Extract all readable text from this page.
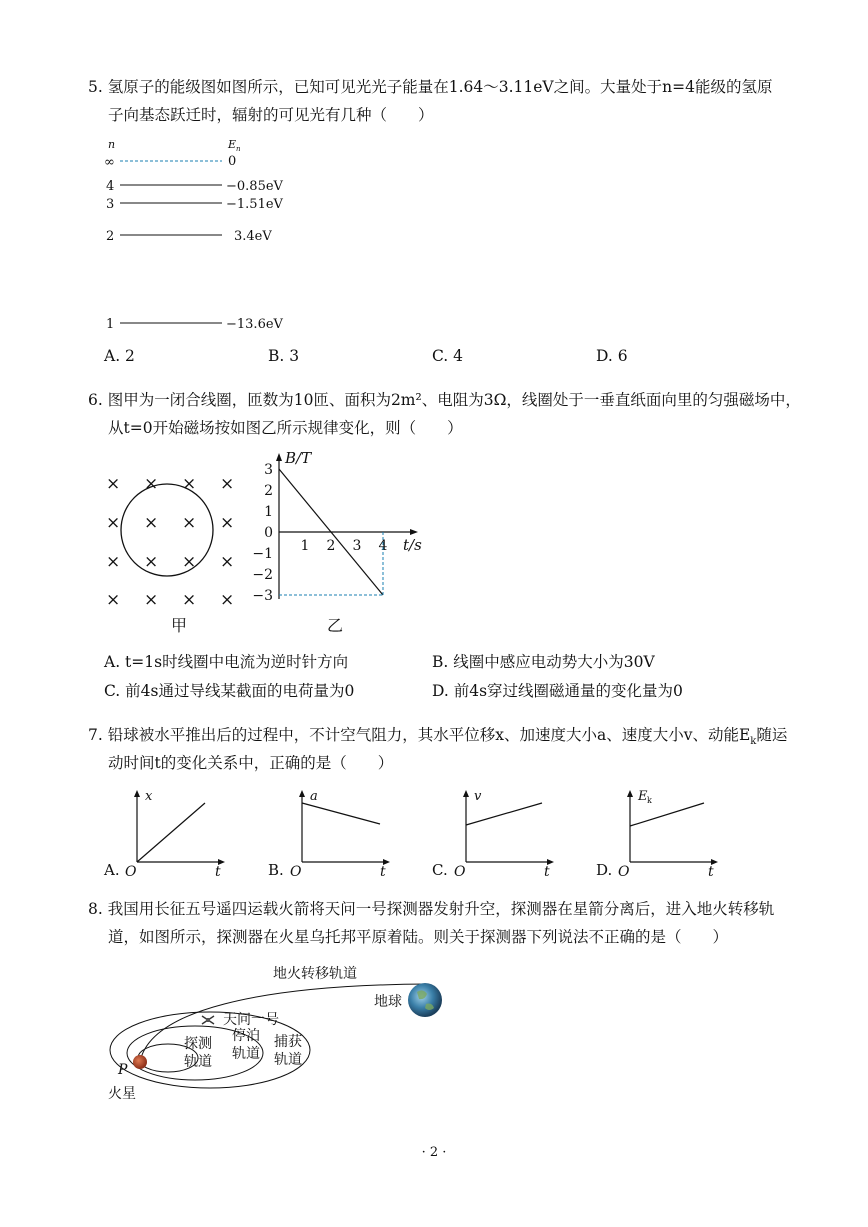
5. 氢原子的能级图如图所示，已知可见光光子能量在1.64～3.11eV之间。大量处于n=4能级的氢原
子向基态跃迁时，辐射的可见光有几种（　　）
n	E n
∞	0
4	−0.85eV
3	−1.51eV
2	3.4eV
1	−13.6eV
A. 2	B. 3	C. 4	D. 6
6. 图甲为一闭合线圈，匝数为10匝、面积为2m²、电阻为3Ω，线圈处于一垂直纸面向里的匀强磁场中，
从t=0开始磁场按如图乙所示规律变化，则（　　）
× × × ×
× × × ×
× × × ×
× × × ×
甲
3
2
1
0
−1
−2
−3
1 2 3 4
B/T
t/s
乙
A. t=1s时线圈中电流为逆时针方向	B. 线圈中感应电动势大小为30V
C. 前4s通过导线某截面的电荷量为0	D. 前4s穿过线圈磁通量的变化量为0
7. 铅球被水平推出后的过程中，不计空气阻力，其水平位移x、加速度大小a、速度大小v、动能$E_k$随运
动时间t的变化关系中，正确的是（　　）
A.
x
O	t	B.
a
O	t	C.
v
O	t	D.
E k
O	t
8. 我国用长征五号遥四运载火箭将天问一号探测器发射升空，探测器在星箭分离后，进入地火转移轨
道，如图所示，探测器在火星乌托邦平原着陆。则关于探测器下列说法不正确的是（　　）
地火转移轨道
地球
天问一号
探测
轨道
停泊
轨道
捕获
轨道
P
火星
· 2 ·
